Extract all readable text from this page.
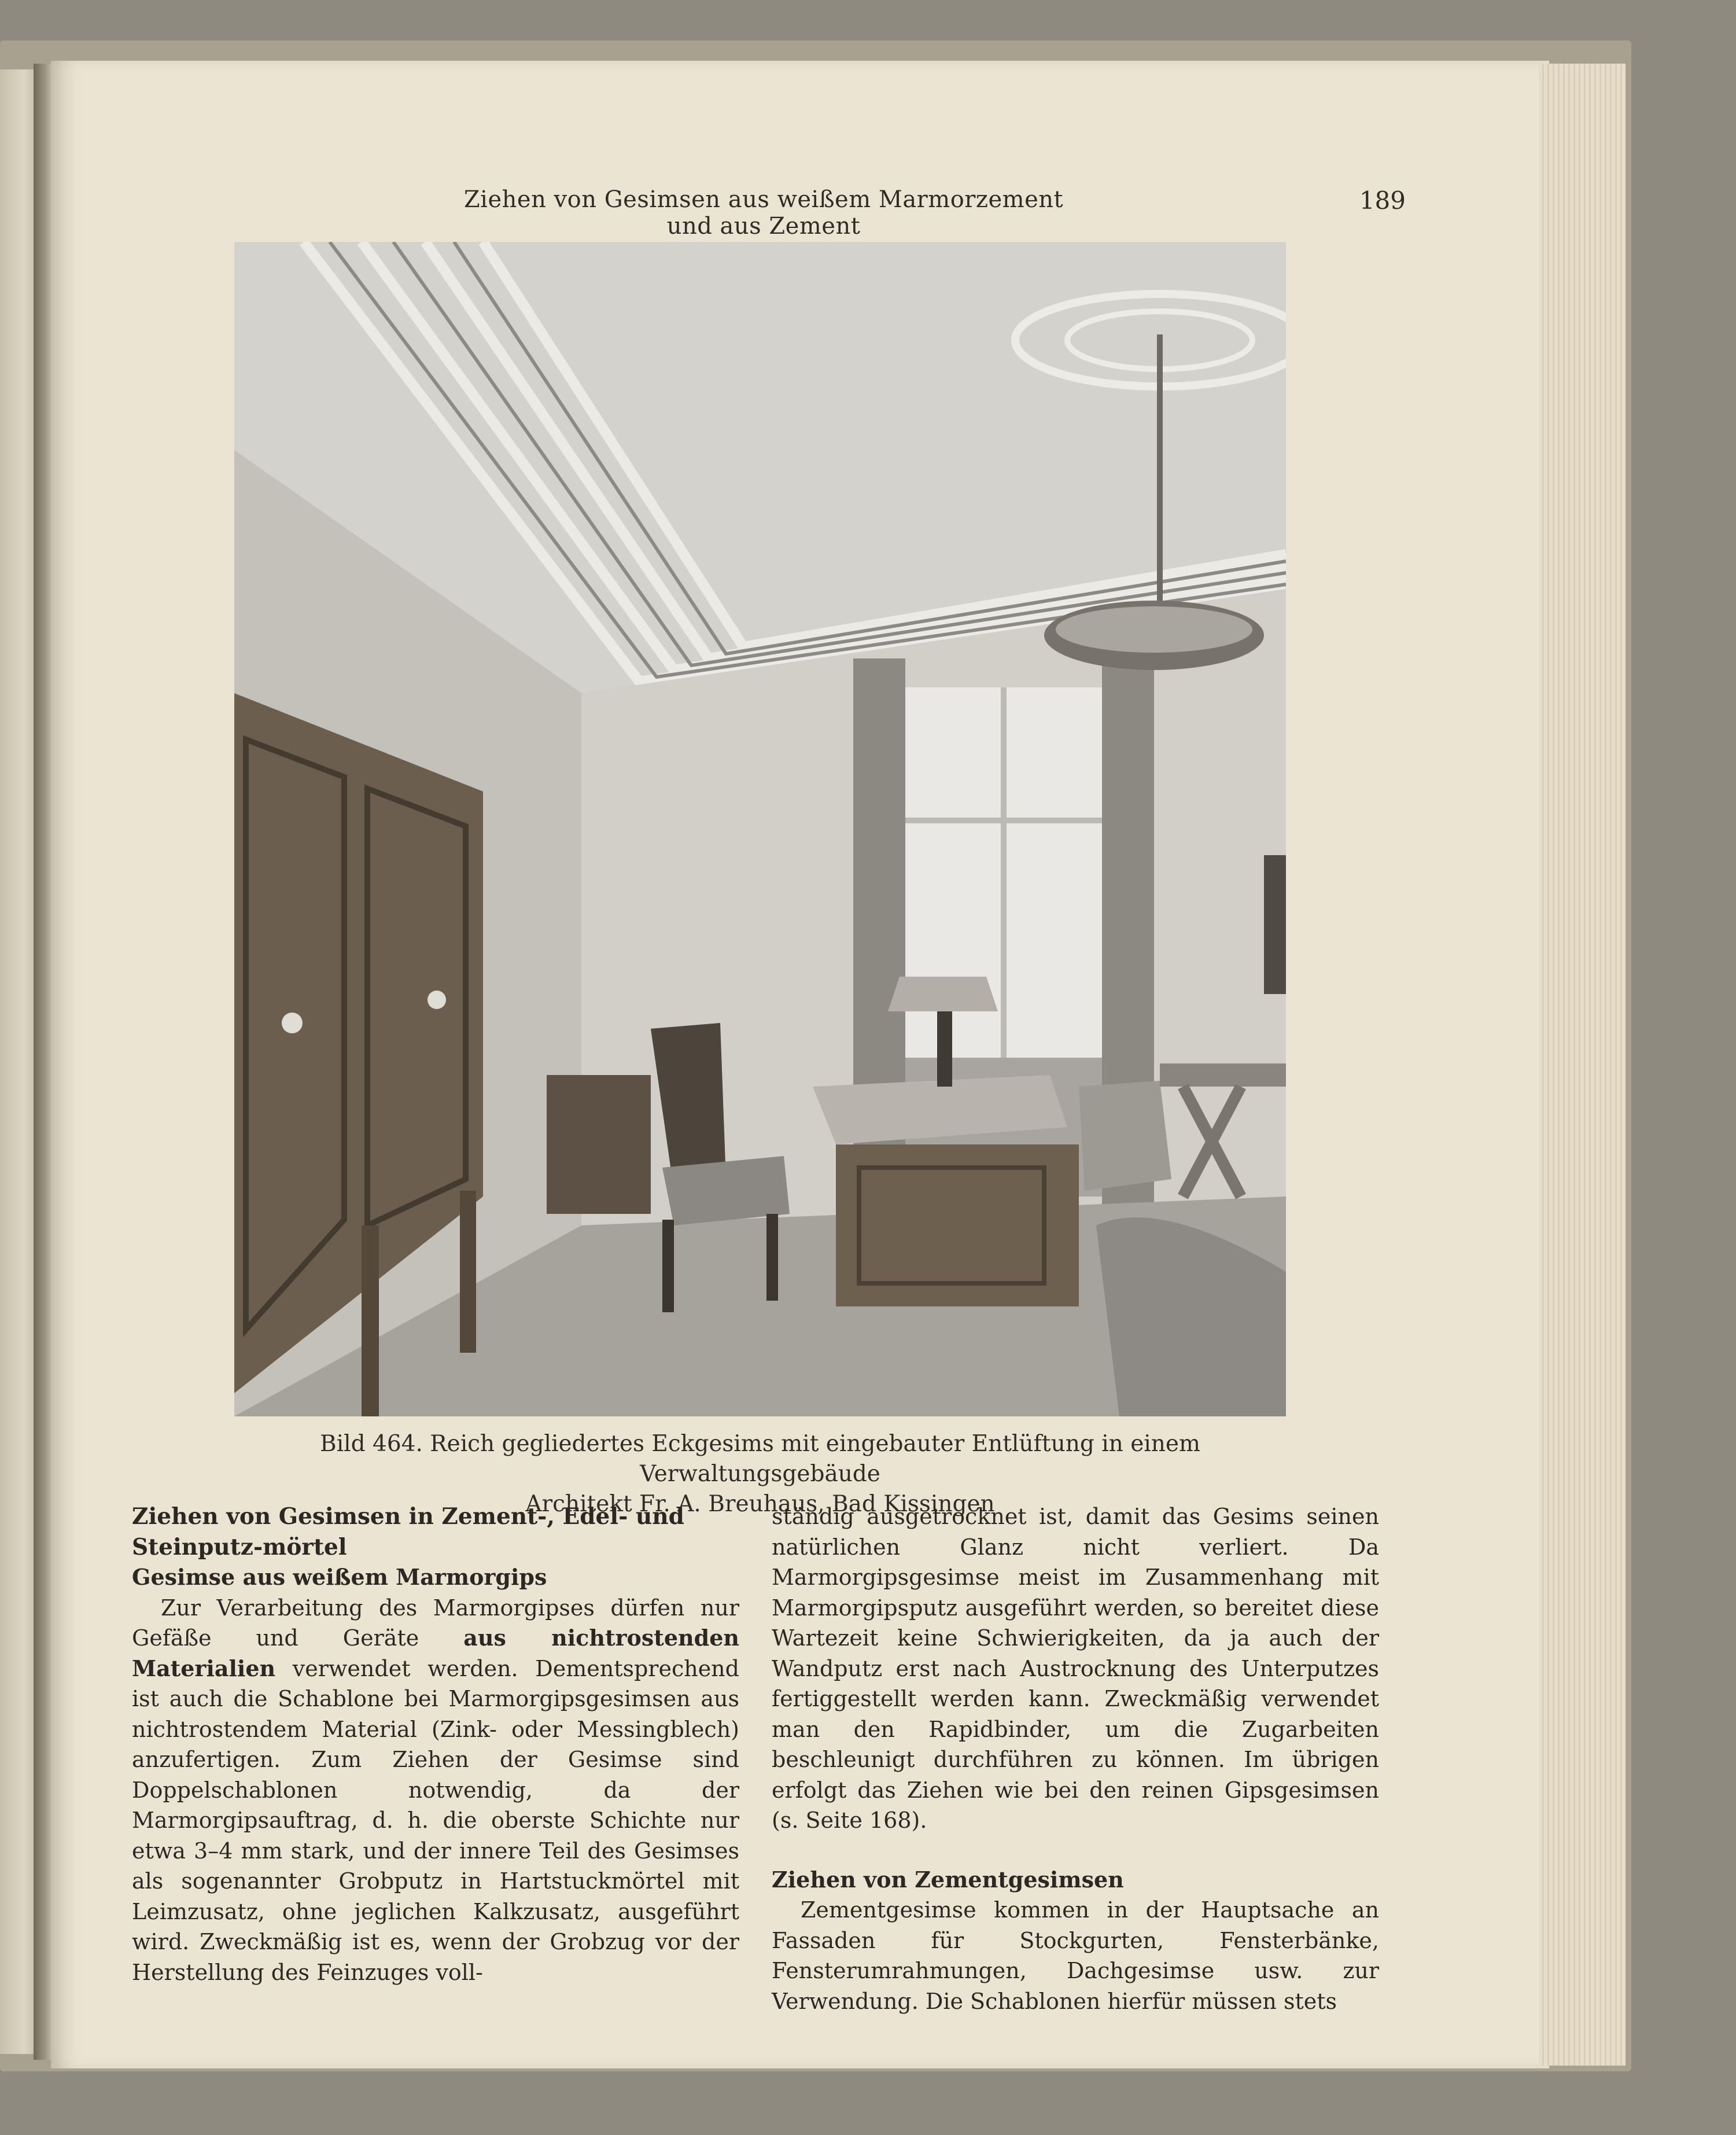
Ziehen von Gesimsen aus weißem Marmorzement und aus Zement
189
Bild 464. Reich gegliedertes Eckgesims mit eingebauter Entlüftung in einem Verwaltungsgebäude
Architekt Fr. A. Breuhaus, Bad Kissingen

Ziehen von Gesimsen in Zement-, Edel- und Steinputz-mörtel

Gesimse aus weißem Marmorgips

Zur Verarbeitung des Marmorgipses dürfen nur Gefäße und Geräte aus nichtrostenden Materialien verwendet werden. Dementsprechend ist auch die Schablone bei Marmorgipsgesimsen aus nichtrostendem Material (Zink- oder Messingblech) anzufertigen. Zum Ziehen der Gesimse sind Doppelschablonen notwendig, da der Marmorgipsauftrag, d. h. die oberste Schichte nur etwa 3–4 mm stark, und der innere Teil des Gesimses als sogenannter Grobputz in Hartstuckmörtel mit Leimzusatz, ohne jeglichen Kalkzusatz, ausgeführt wird. Zweckmäßig ist es, wenn der Grobzug vor der Herstellung des Feinzuges voll-

ständig ausgetrocknet ist, damit das Gesims seinen natürlichen Glanz nicht verliert. Da Marmorgipsgesimse meist im Zusammenhang mit Marmorgipsputz ausgeführt werden, so bereitet diese Wartezeit keine Schwierigkeiten, da ja auch der Wandputz erst nach Austrocknung des Unterputzes fertiggestellt werden kann. Zweckmäßig verwendet man den Rapidbinder, um die Zugarbeiten beschleunigt durchführen zu können. Im übrigen erfolgt das Ziehen wie bei den reinen Gipsgesimsen (s. Seite 168).

Ziehen von Zementgesimsen

Zementgesimse kommen in der Hauptsache an Fassaden für Stockgurten, Fensterbänke, Fensterumrahmungen, Dachgesimse usw. zur Verwendung. Die Schablonen hierfür müssen stets
